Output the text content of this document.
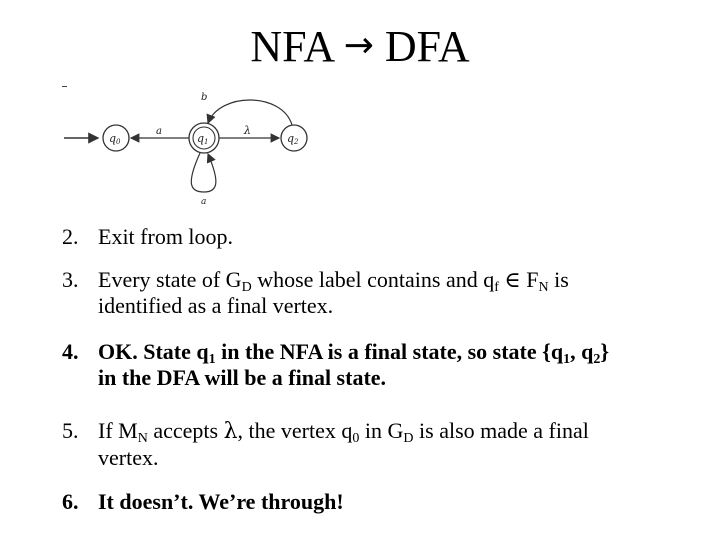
NFA → DFA
q0	q1	q2
a	λ
b
a
2. Exit from loop.
3. Every state of $G_D$ whose label contains and $q_f$ ∈ $F_N$ is
identified as a final vertex.
4. OK. State $q_1$ in the NFA is a final state, so state {$q_1$, $q_2$}
in the DFA will be a final state.
5. If $M_N$ accepts λ, the vertex $q_0$ in $G_D$ is also made a final
vertex.
6. It doesn’t. We’re through!
